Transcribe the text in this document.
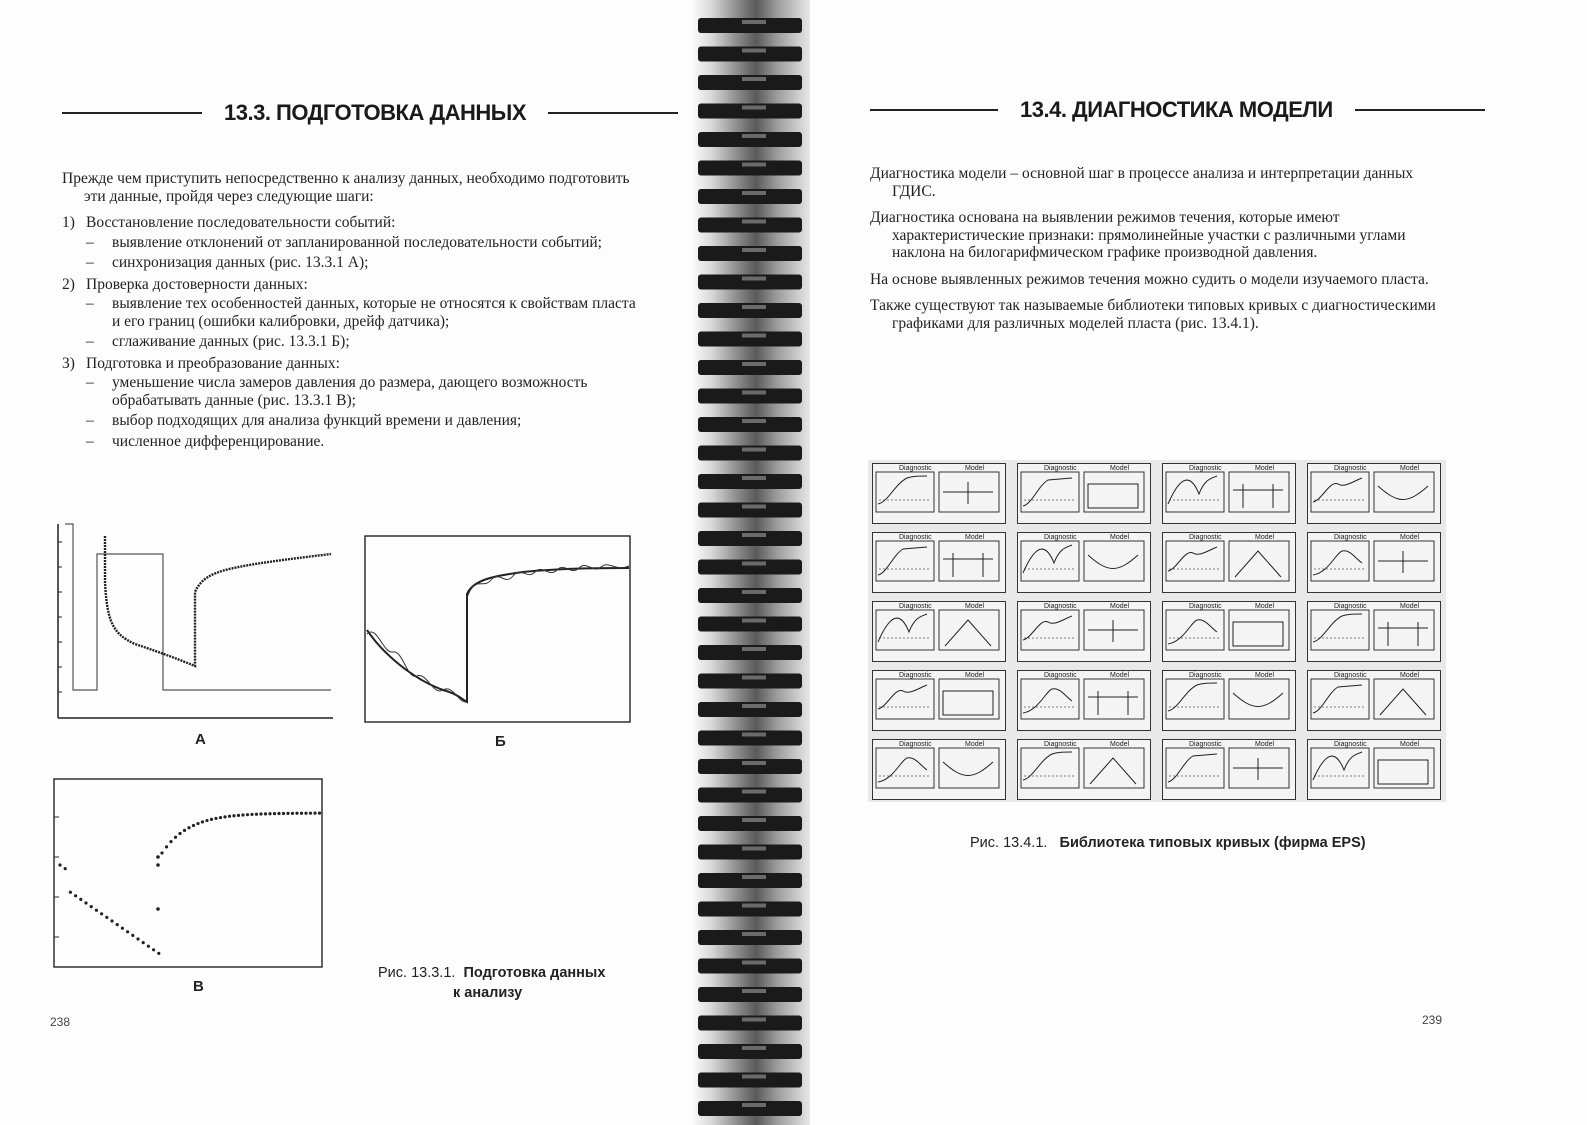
13.3. ПОДГОТОВКА ДАННЫХ

Прежде чем приступить непосредственно к анализу данных, необходимо подготовить эти данные, пройдя через следующие шаги:

1) Восстановление последовательности событий:
– выявление отклонений от запланированной последовательности событий;
– синхронизация данных (рис. 13.3.1 А);
2) Проверка достоверности данных:
– выявление тех особенностей данных, которые не относятся к свойствам пласта и его границ (ошибки калибровки, дрейф датчика);
– сглаживание данных (рис. 13.3.1 Б);
3) Подготовка и преобразование данных:
– уменьшение числа замеров давления до размера, дающего возможность обрабатывать данные (рис. 13.3.1 В);
– выбор подходящих для анализа функций времени и давления;
– численное дифференцирование.
А	Б
В
Рис. 13.3.1. Подготовка данных
к анализу
238
13.4. ДИАГНОСТИКА МОДЕЛИ

Диагностика модели – основной шаг в процессе анализа и интерпретации данных ГДИС.

Диагностика основана на выявлении режимов течения, которые имеют характеристические признаки: прямолинейные участки с различными углами наклона на билогарифмическом графике производной давления.

На основе выявленных режимов течения можно судить о модели изучаемого пласта.

Также существуют так называемые библиотеки типовых кривых с диагностическими графиками для различных моделей пласта (рис. 13.4.1).

Diagnostic	Model	Diagnostic	Model	Diagnostic	Model	Diagnostic	Model
Diagnostic	Model	Diagnostic	Model	Diagnostic	Model	Diagnostic	Model
Diagnostic	Model	Diagnostic	Model	Diagnostic	Model	Diagnostic	Model
Diagnostic	Model	Diagnostic	Model	Diagnostic	Model	Diagnostic	Model
Diagnostic	Model	Diagnostic	Model	Diagnostic	Model	Diagnostic	Model
Рис. 13.4.1. Библиотека типовых кривых (фирма EPS)
239
